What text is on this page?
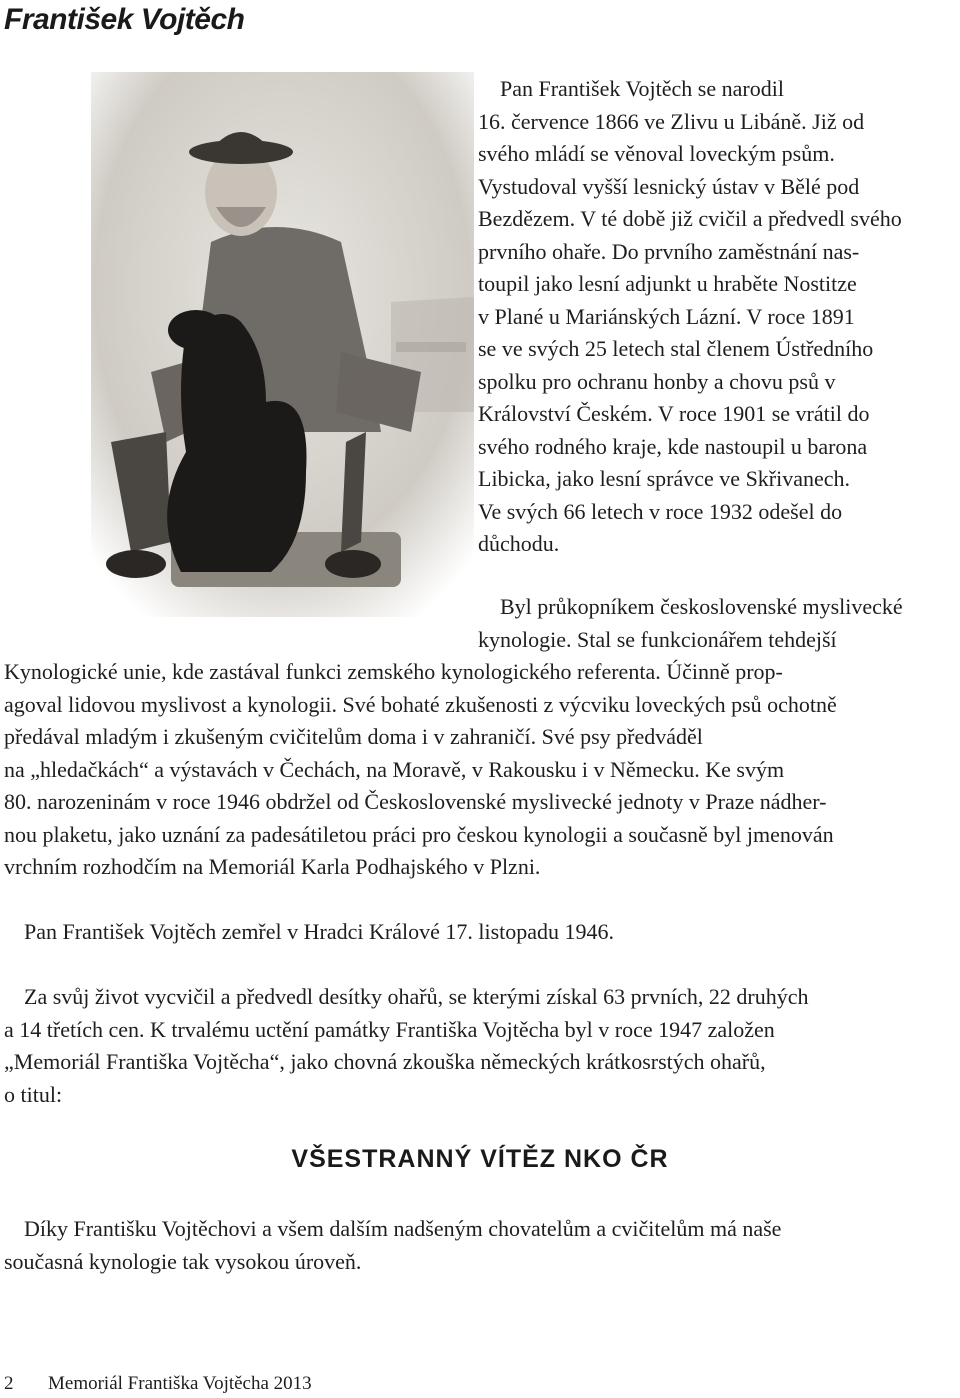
František Vojtěch
Pan František Vojtěch se narodil
16. července 1866 ve Zlivu u Libáně. Již od
svého mládí se věnoval loveckým psům.
Vystudoval vyšší lesnický ústav v Bělé pod
Bezdězem. V té době již cvičil a předvedl svého
prvního ohaře. Do prvního zaměstnání nas-
toupil jako lesní adjunkt u hraběte Nostitze
v Plané u Mariánských Lázní. V roce 1891
se ve svých 25 letech stal členem Ústředního
spolku pro ochranu honby a chovu psů v
Království Českém. V roce 1901 se vrátil do
svého rodného kraje, kde nastoupil u barona
Libicka, jako lesní správce ve Skřivanech.
Ve svých 66 letech v roce 1932 odešel do
důchodu.
Byl průkopníkem československé myslivecké
kynologie. Stal se funkcionářem tehdejší
Kynologické unie, kde zastával funkci zemského kynologického referenta. Účinně prop-
agoval lidovou myslivost a kynologii. Své bohaté zkušenosti z výcviku loveckých psů ochotně
předával mladým i zkušeným cvičitelům doma i v zahraničí. Své psy předváděl
na „hledačkách“ a výstavách v Čechách, na Moravě, v Rakousku i v Německu. Ke svým
80. narozeninám v roce 1946 obdržel od Československé myslivecké jednoty v Praze nádher-
nou plaketu, jako uznání za padesátiletou práci pro českou kynologii a současně byl jmenován
vrchním rozhodčím na Memoriál Karla Podhajského v Plzni.
Pan František Vojtěch zemřel v Hradci Králové 17. listopadu 1946.
Za svůj život vycvičil a předvedl desítky ohařů, se kterými získal 63 prvních, 22 druhých
a 14 třetích cen. K trvalému uctění památky Františka Vojtěcha byl v roce 1947 založen
„Memoriál Františka Vojtěcha“, jako chovná zkouška německých krátkosrstých ohařů,
o titul:
VŠESTRANNÝ VÍTĚZ NKO ČR
Díky Františku Vojtěchovi a všem dalším nadšeným chovatelům a cvičitelům má naše
současná kynologie tak vysokou úroveň.
2 Memoriál Františka Vojtěcha 2013
